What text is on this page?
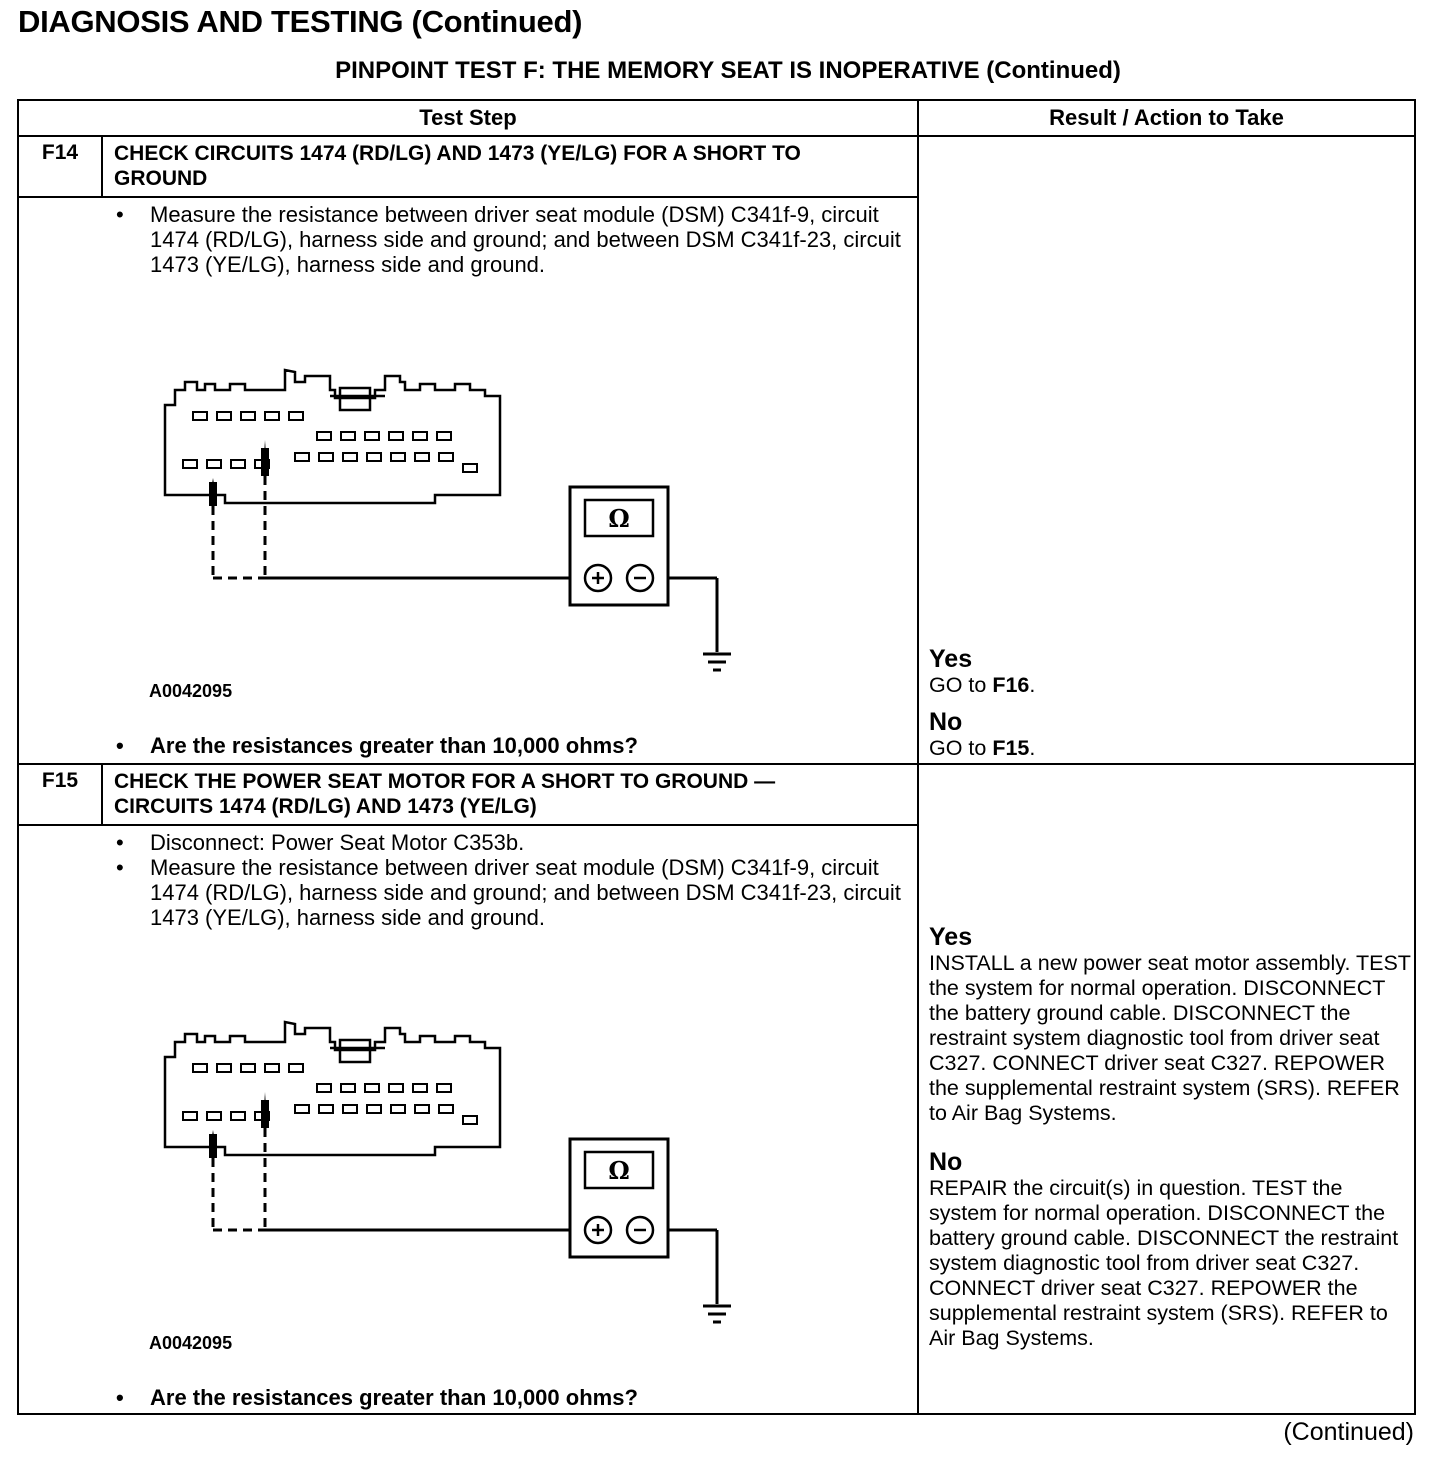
DIAGNOSIS AND TESTING (Continued)
PINPOINT TEST F: THE MEMORY SEAT IS INOPERATIVE (Continued)
Test Step	Result / Action to Take
F14	CHECK CIRCUITS 1474 (RD/LG) AND 1473 (YE/LG) FOR A SHORT TO GROUND
• Measure the resistance between driver seat module (DSM) C341f-9, circuit 1474 (RD/LG), harness side and ground; and between DSM C341f-23, circuit 1473 (YE/LG), harness side and ground.
A0042095
• Are the resistances greater than 10,000 ohms?
Yes
GO to F16.
No
GO to F15.
F15	CHECK THE POWER SEAT MOTOR FOR A SHORT TO GROUND — CIRCUITS 1474 (RD/LG) AND 1473 (YE/LG)
• Disconnect: Power Seat Motor C353b.
• Measure the resistance between driver seat module (DSM) C341f-9, circuit 1474 (RD/LG), harness side and ground; and between DSM C341f-23, circuit 1473 (YE/LG), harness side and ground.
A0042095
• Are the resistances greater than 10,000 ohms?
Yes
INSTALL a new power seat motor assembly. TEST the system for normal operation. DISCONNECT the battery ground cable. DISCONNECT the restraint system diagnostic tool from driver seat C327. CONNECT driver seat C327. REPOWER the supplemental restraint system (SRS). REFER to Air Bag Systems.
No
REPAIR the circuit(s) in question. TEST the system for normal operation. DISCONNECT the battery ground cable. DISCONNECT the restraint system diagnostic tool from driver seat C327. CONNECT driver seat C327. REPOWER the supplemental restraint system (SRS). REFER to Air Bag Systems.
Ω
Ω
(Continued)
